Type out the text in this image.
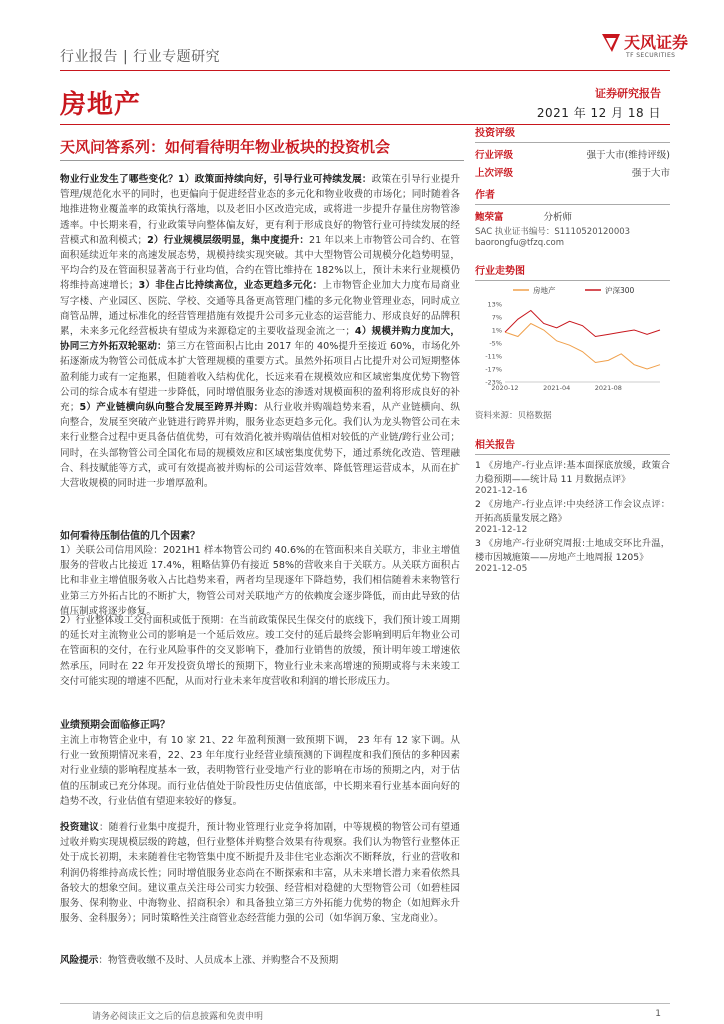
行业报告 | 行业专题研究
天风证券
TF SECURITIES
房地产	证券研究报告
2021 年 12 月 18 日
天风问答系列：如何看待明年物业板块的投资机会
物业行业发生了哪些变化？1）政策面持续向好，引导行业可持续发展：政策在引导行业提升管理/规范化水平的同时，也更偏向于促进经营业态的多元化和物业收费的市场化；同时随着各地推进物业覆盖率的政策执行落地，以及老旧小区改造完成，或将进一步提升存量住房物管渗透率。中长期来看，行业政策导向整体偏友好，更有利于形成良好的物管行业可持续发展的经营模式和盈利模式；2）行业规模层级明显，集中度提升：21 年以来上市物管公司合约、在管面积延续近年来的高速发展态势，规模持续实现突破。其中大型物管公司规模分化趋势明显，平均合约及在管面积显著高于行业均值，合约在管比维持在 182%以上，预计未来行业规模仍将维持高速增长；3）非住占比持续高位，业态更趋多元化：上市物管企业加大力度布局商业写字楼、产业园区、医院、学校、交通等具备更高管理门槛的多元化物业管理业态，同时成立商管品牌，通过标准化的经营管理措施有效提升公司多元业态的运营能力、形成良好的品牌积累，未来多元化经营板块有望成为来源稳定的主要收益现金流之一；4）规模并购力度加大，协同三方外拓双轮驱动：第三方在管面积占比由 2017 年的 40%提升至接近 60%，市场化外拓逐渐成为物管公司低成本扩大管理规模的重要方式。虽然外拓项目占比提升对公司短期整体盈利能力或有一定拖累，但随着收入结构优化，长远来看在规模效应和区域密集度优势下物管公司的综合成本有望进一步降低，同时增值服务业态的渗透对规模面积的盈利将形成良好的补充；5）产业链横向纵向整合发展至跨界并购：从行业收并购端趋势来看，从产业链横向、纵向整合，发展至突破产业链进行跨界并购，服务业态更趋多元化。我们认为龙头物管公司在未来行业整合过程中更具备估值优势，可有效消化被并购端估值相对较低的产业链/跨行业公司；同时，在头部物管公司全国化布局的规模效应和区域密集度优势下，通过系统化改造、管理融合、科技赋能等方式，或可有效提高被并购标的公司运营效率、降低管理运营成本，从而在扩大营收规模的同时进一步增厚盈利。
如何看待压制估值的几个因素？
1）关联公司信用风险：2021H1 样本物管公司约 40.6%的在管面积来自关联方，非业主增值服务的营收占比接近 17.4%，粗略估算仍有接近 58%的营收来自于关联方。从关联方面积占比和非业主增值服务收入占比趋势来看，两者均呈现逐年下降趋势，我们相信随着未来物管行业第三方外拓占比的不断扩大，物管公司对关联地产方的依赖度会逐步降低，而由此导致的估值压制或将逐步修复。
2）行业整体竣工交付面积或低于预期：在当前政策保民生保交付的底线下，我们预计竣工周期的延长对主流物业公司的影响是一个延后效应。竣工交付的延后最终会影响到明后年物业公司在管面积的交付，在行业风险事件的交叉影响下，叠加行业销售的放缓，预计明年竣工增速依然承压，同时在 22 年开发投资负增长的预期下，物业行业未来高增速的预期或将与未来竣工交付可能实现的增速不匹配，从而对行业未来年度营收和利润的增长形成压力。
业绩预期会面临修正吗？
主流上市物管企业中，有 10 家 21、22 年盈利预测一致预期下调， 23 年有 12 家下调。从行业一致预期情况来看，22、23 年年度行业经营业绩预测的下调程度和我们预估的多种因素对行业业绩的影响程度基本一致，表明物管行业受地产行业的影响在市场的预期之内，对于估值的压制或已充分体现。而行业估值处于阶段性历史估值底部，中长期来看行业基本面向好的趋势不改，行业估值有望迎来较好的修复。
投资建议：随着行业集中度提升，预计物业管理行业竞争将加剧，中等规模的物管公司有望通过收并购实现规模层级的跨越，但行业整体并购整合效果有待观察。我们认为物管行业整体正处于成长初期，未来随着住宅物管集中度不断提升及非住宅业态渐次不断释放，行业的营收和利润仍将维持高成长性；同时增值服务业态尚在不断探索和丰富，从未来增长潜力来看依然具备较大的想象空间。建议重点关注母公司实力较强、经营相对稳健的大型物管公司（如碧桂园服务、保利物业、中海物业、招商积余）和具备独立第三方外拓能力优势的物企（如旭辉永升服务、金科服务）；同时策略性关注商管业态经营能力强的公司（如华润万象、宝龙商业）。
风险提示：物管费收缴不及时、人员成本上涨、并购整合不及预期
投资评级
行业评级	强于大市(维持评级)
上次评级	强于大市
作者
鲍荣富	分析师
SAC 执业证书编号：S1110520120003
baorongfu@tfzq.com
行业走势图
房地产	沪深300
13%
7%
1%
-5%
-11%
-17%
-23%
2020-12	2021-04	2021-08
资料来源：贝格数据
相关报告
1 《房地产-行业点评:基本面探底放缓，政策合力稳预期——统计局 11 月数据点评》
2021-12-16
2 《房地产-行业点评:中央经济工作会议点评：开拓高质量发展之路》
2021-12-12
3 《房地产-行业研究周报:土地成交环比升温，楼市因城施策——房地产土地周报 1205》
2021-12-05
请务必阅读正文之后的信息披露和免责申明	1
